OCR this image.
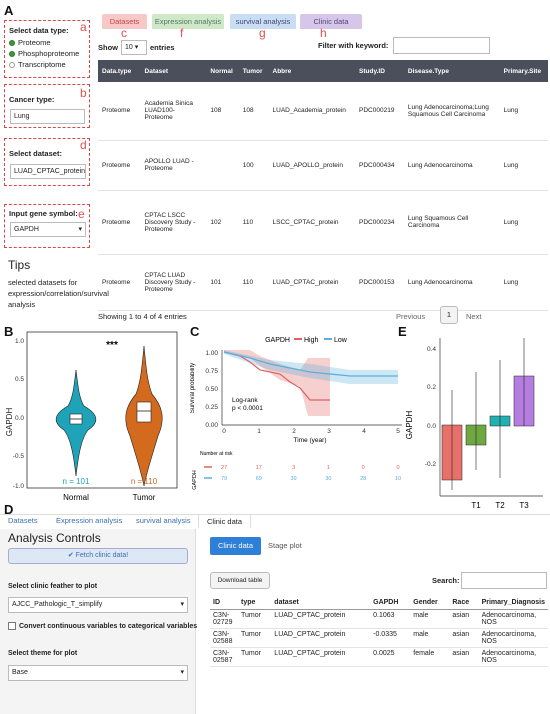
A
Select data type:
Proteome
Phosphoproteome
Transcriptome
a
Cancer type:
Lung
b
Select dataset:
LUAD_CPTAC_protein
d
Input gene symbol:
GAPDH	▾
e
Tips
selected datasets for expression/correlation/survival analysis
Datasets	Expression analysis	survival analysis	Clinic data
c	f	g	h
Show	10 ▾	entries	Filter with keyword:
Data.type	Dataset	Normal	Tumor	Abbre	Study.ID	Disease.Type	Primary.Site
Proteome	Academia Sinica LUAD100-Proteome	108	108	LUAD_Academia_protein	PDC000219	Lung Adenocarcinoma;Lung Squamous Cell Carcinoma	Lung
Proteome	APOLLO LUAD - Proteome		100	LUAD_APOLLO_protein	PDC000434	Lung Adenocarcinoma	Lung
Proteome	CPTAC LSCC Discovery Study - Proteome	102	110	LSCC_CPTAC_protein	PDC000234	Lung Squamous Cell Carcinoma	Lung
Proteome	CPTAC LUAD Discovery Study - Proteome	101	110	LUAD_CPTAC_protein	PDC000153	Lung Adenocarcinoma	Lung
Showing 1 to 4 of 4 entries	Previous	1	Next
B
GAPDH
1.0
0.5
0.0
-0.5
-1.0
***
n = 101	n = 110
Normal	Tumor
C
GAPDH High Low
Survival probability
1.00
0.75
0.50
0.25
0.00
Log-rank
p < 0.0001
0	1	2	3	4	5
Time (year)
Number at risk
GAPDH
27	17	3	1	0	0
79	69	39	30	28	10
E
GAPDH
0.4
0.2
0.0
-0.2
T1 T2 T3
D
Datasets Expression analysis survival analysis	Clinic data
Analysis Controls
✔ Fetch clinic data!
Select clinic feather to plot
AJCC_Pathologic_T_simplify	▾
Convert continuous variables to categorical variables
Select theme for plot
Base	▾
Clinic data	Stage plot
Download table	Search:
ID	type	dataset	GAPDH	Gender	Race	Primary_Diagnosis
C3N-02729	Tumor	LUAD_CPTAC_protein	0.1063	male	asian	Adenocarcinoma, NOS
C3N-02588	Tumor	LUAD_CPTAC_protein	-0.0335	male	asian	Adenocarcinoma, NOS
C3N-02587	Tumor	LUAD_CPTAC_protein	0.0025	female	asian	Adenocarcinoma, NOS
